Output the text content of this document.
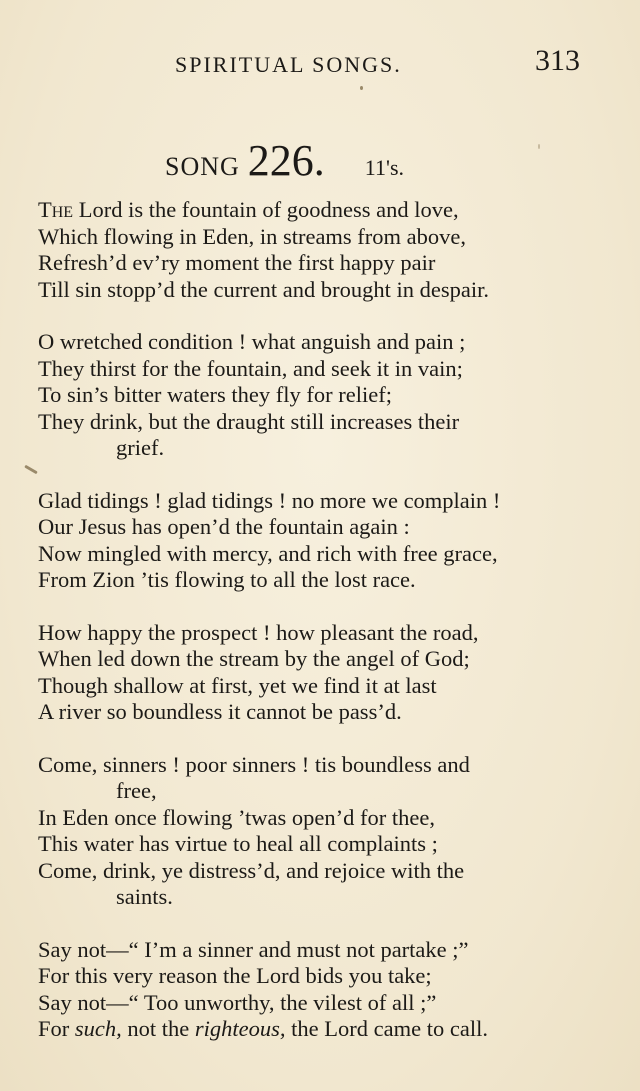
SPIRITUAL SONGS.	313
SONG 226. 11's.
The Lord is the fountain of goodness and love,
Which flowing in Eden, in streams from above,
Refresh’d ev’ry moment the first happy pair
Till sin stopp’d the current and brought in despair.
O wretched condition ! what anguish and pain ;
They thirst for the fountain, and seek it in vain;
To sin’s bitter waters they fly for relief;
They drink, but the draught still increases their
grief.
Glad tidings ! glad tidings ! no more we complain !
Our Jesus has open’d the fountain again :
Now mingled with mercy, and rich with free grace,
From Zion ’tis flowing to all the lost race.
How happy the prospect ! how pleasant the road,
When led down the stream by the angel of God;
Though shallow at first, yet we find it at last
A river so boundless it cannot be pass’d.
Come, sinners ! poor sinners ! tis boundless and
free,
In Eden once flowing ’twas open’d for thee,
This water has virtue to heal all complaints ;
Come, drink, ye distress’d, and rejoice with the
saints.
Say not—“ I’m a sinner and must not partake ;”
For this very reason the Lord bids you take;
Say not—“ Too unworthy, the vilest of all ;”
For such, not the righteous, the Lord came to call.
